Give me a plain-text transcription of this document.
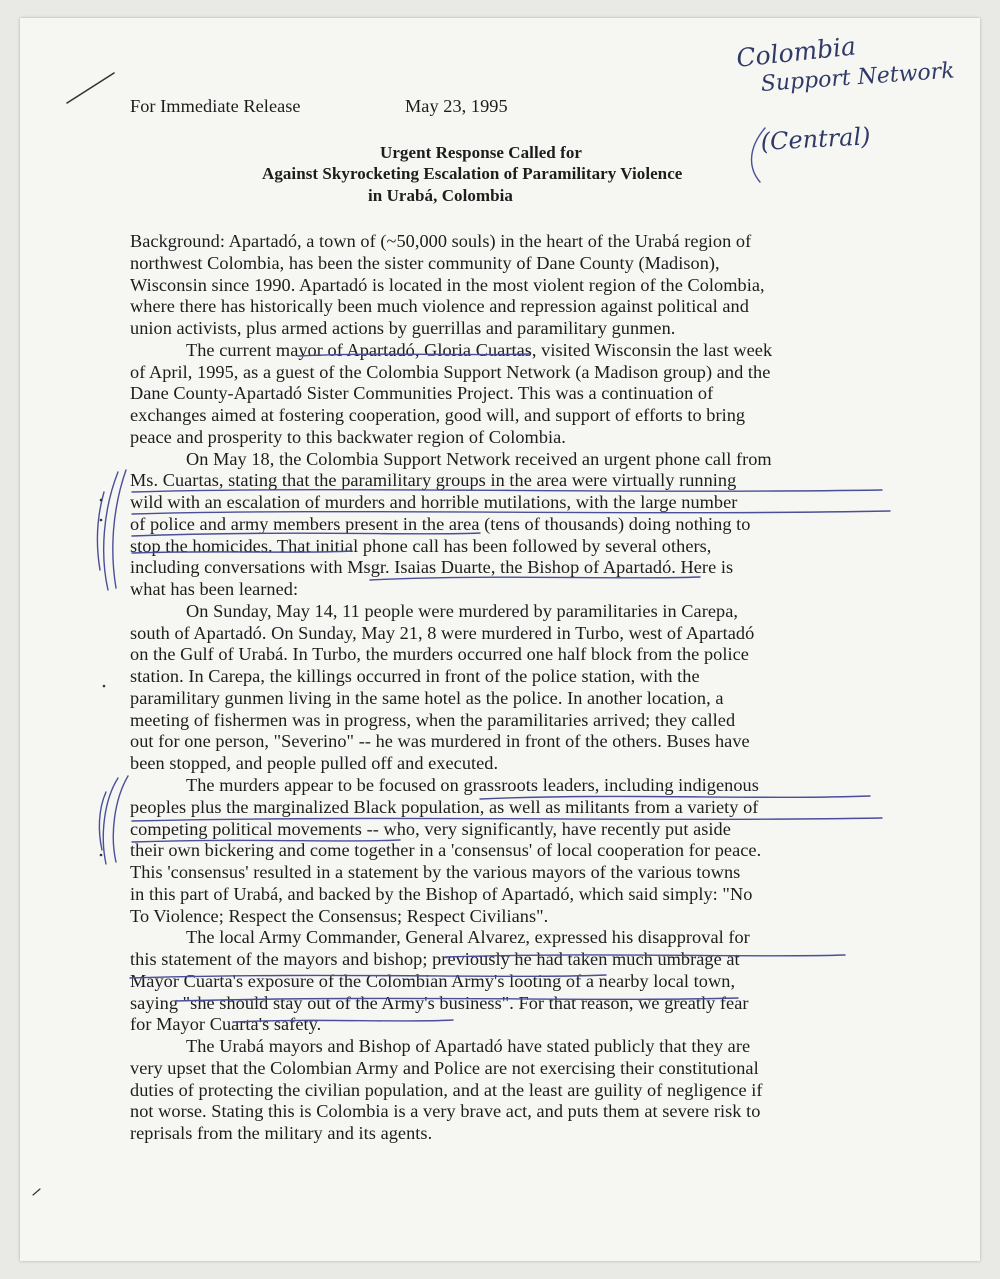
For Immediate Release	May 23, 1995
Urgent Response Called for
Against Skyrocketing Escalation of Paramilitary Violence
in Urabá, Colombia
Colombia
Support Network
(Central)
Background: Apartadó, a town of (~50,000 souls) in the heart of the Urabá region of
northwest Colombia, has been the sister community of Dane County (Madison),
Wisconsin since 1990. Apartadó is located in the most violent region of the Colombia,
where there has historically been much violence and repression against political and
union activists, plus armed actions by guerrillas and paramilitary gunmen.
The current mayor of Apartadó, Gloria Cuartas, visited Wisconsin the last week
of April, 1995, as a guest of the Colombia Support Network (a Madison group) and the
Dane County-Apartadó Sister Communities Project. This was a continuation of
exchanges aimed at fostering cooperation, good will, and support of efforts to bring
peace and prosperity to this backwater region of Colombia.
On May 18, the Colombia Support Network received an urgent phone call from
Ms. Cuartas, stating that the paramilitary groups in the area were virtually running
wild with an escalation of murders and horrible mutilations, with the large number
of police and army members present in the area (tens of thousands) doing nothing to
stop the homicides. That initial phone call has been followed by several others,
including conversations with Msgr. Isaias Duarte, the Bishop of Apartadó. Here is
what has been learned:
On Sunday, May 14, 11 people were murdered by paramilitaries in Carepa,
south of Apartadó. On Sunday, May 21, 8 were murdered in Turbo, west of Apartadó
on the Gulf of Urabá. In Turbo, the murders occurred one half block from the police
station. In Carepa, the killings occurred in front of the police station, with the
paramilitary gunmen living in the same hotel as the police. In another location, a
meeting of fishermen was in progress, when the paramilitaries arrived; they called
out for one person, "Severino" -- he was murdered in front of the others. Buses have
been stopped, and people pulled off and executed.
The murders appear to be focused on grassroots leaders, including indigenous
peoples plus the marginalized Black population, as well as militants from a variety of
competing political movements -- who, very significantly, have recently put aside
their own bickering and come together in a 'consensus' of local cooperation for peace.
This 'consensus' resulted in a statement by the various mayors of the various towns
in this part of Urabá, and backed by the Bishop of Apartadó, which said simply: "No
To Violence; Respect the Consensus; Respect Civilians".
The local Army Commander, General Alvarez, expressed his disapproval for
this statement of the mayors and bishop; previously he had taken much umbrage at
Mayor Cuarta's exposure of the Colombian Army's looting of a nearby local town,
saying "she should stay out of the Army's business". For that reason, we greatly fear
for Mayor Cuarta's safety.
The Urabá mayors and Bishop of Apartadó have stated publicly that they are
very upset that the Colombian Army and Police are not exercising their constitutional
duties of protecting the civilian population, and at the least are guility of negligence if
not worse. Stating this is Colombia is a very brave act, and puts them at severe risk to
reprisals from the military and its agents.
